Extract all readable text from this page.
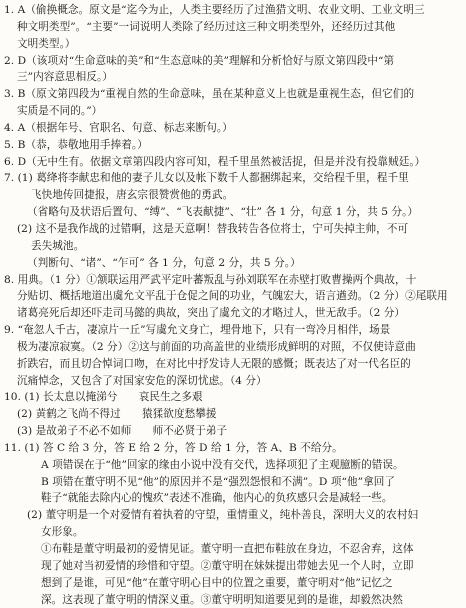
1. A（偷换概念。原文是“迄今为止，人类主要经历了过渔猎文明、农业文明、工业文明三
种文明类型”。“主要”一词说明人类除了经历过这三种文明类型外，还经历过其他
文明类型。）
2. D（该项对“生命意味的美”和“生态意味的美”理解和分析恰好与原文第四段中“第
三”内容意思相反。）
3. B（原文第四段为“重视自然的生命意味，虽在某种意义上也就是重视生态，但它们的
实质是不同的。”）
4. A（根据年号、官职名、句意、标志来断句。）
5. B（恭，恭敬地用手捧着。）
6. D（无中生有。依据文章第四段内容可知，程千里虽然被活捉，但是并没有投靠贼廷。）
7. (1) 葛绛将李献忠和他的妻子儿女以及帐下数千人都捆绑起来，交给程千里，程千里
飞快地传回捷报，唐玄宗很赞赏他的勇武。
（省略句及状语后置句、“缚”、“飞表献捷”、“壮” 各 1 分，句意 1 分，共 5 分。）
(2) 这不是我作战的过错啊，这是天意啊！替我转告各位将士，宁可失掉主帅，不可
丢失城池。
（判断句、“诸”、“乍可” 各 1 分，句意 2 分，共 5 分。）
8. 用典。（1 分）①颔联运用严武平定叶蕃叛乱与孙刘联军在赤壁打败曹操两个典故，十
分贴切、概括地道出虞允文平乱于仓促之间的功业，气魄宏大，语言遒劲。（2 分）②尾联用
诸葛亮死后却还吓走司马懿的典故，突出了虞允文的才略过人，世无敌手。（2 分）
9. “奄忽人千古，凄凉片一丘”写虞允文身亡，埋骨地下，只有一弯冷月相伴，场景
极为凄凉寂寞。（2 分）②这与前面的功高盖世的业绩形成鲜明的对照，不仅使诗意曲
折跌宕，而且切合悼词口吻，在对比中抒发诗人无限的感慨；既表达了对一代名臣的
沉痛悼念，又包含了对国家安危的深切忧虑。（4 分）
10. (1) 长太息以掩涕兮　　哀民生之多艰
(2) 黄鹤之飞尚不得过　　猿猱欲度愁攀援
(3) 是故弟子不必不如师　　师不必贤于弟子
11. (1) 答 C 给 3 分，答 E 给 2 分，答 D 给 1 分，答 A、B 不给分。
A 项错误在于“他”回家的缘由小说中没有交代，选择项犯了主观臆断的错误。
B 项错在董守明不见“他”的原因并不是“强烈怨恨和不满”。D 项“他”拿回了
鞋子“就能去除内心的愧疚”表述不准确，他内心的负疚感只会是减轻一些。
(2) 董守明是一个对爱情有着执着的守望，重情重义，纯朴善良，深明大义的农村妇
女形象。
①布鞋是董守明最初的爱情见证。董守明一直把布鞋放在身边，不忍舍弃，这体
现了她对当初爱情的珍惜和守望。②董守明在妹妹提出带她去见一个人时，立即
想到了是谁，可见“他”在董守明心目中的位置之重要，董守明对“他”记忆之
深。这表现了董守明的情深义重。③董守明明知道要见到的是谁，却毅然决然
